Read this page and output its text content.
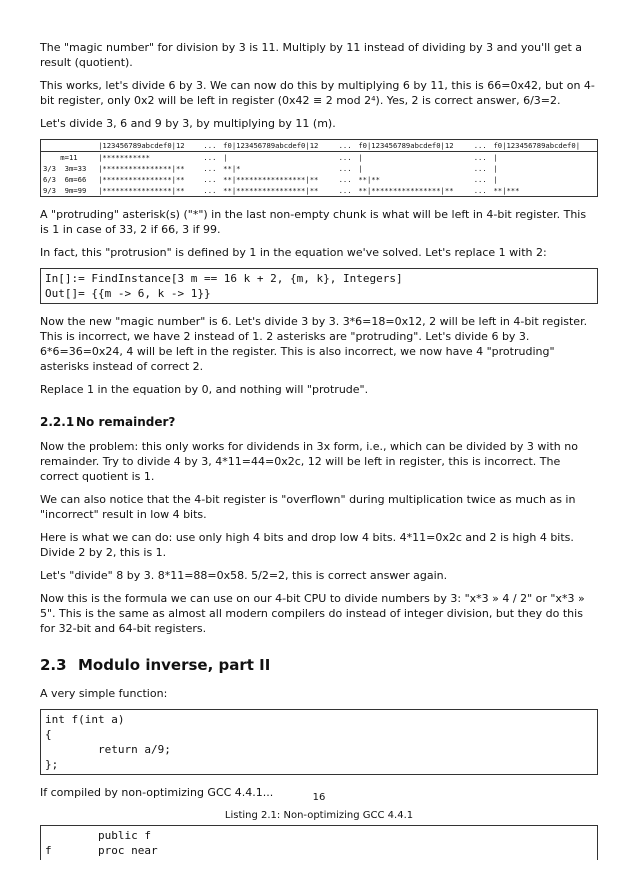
The "magic number" for division by 3 is 11. Multiply by 11 instead of dividing by 3 and you'll get a result (quotient).

This works, let's divide 6 by 3. We can now do this by multiplying 6 by 11, this is 66=0x42, but on 4-bit register, only 0x2 will be left in register (0x42 ≡ 2 mod 2⁴). Yes, 2 is correct answer, 6/3=2.

Let's divide 3, 6 and 9 by 3, by multiplying by 11 (m).

	|123456789abcdef0|12	...	f0|123456789abcdef0|12	...	f0|123456789abcdef0|12	...	f0|123456789abcdef0|
m=11	|***********	...	|	...	|	...	|
3/3  3m=33	|****************|**	...	**|*	...	|	...	|
6/3  6m=66	|****************|**	...	**|****************|**	...	**|**	...	|
9/3  9m=99	|****************|**	...	**|****************|**	...	**|****************|**	...	**|***

A "protruding" asterisk(s) ("*") in the last non-empty chunk is what will be left in 4-bit register. This is 1 in case of 33, 2 if 66, 3 if 99.

In fact, this "protrusion" is defined by 1 in the equation we've solved. Let's replace 1 with 2:

In[]:= FindInstance[3 m == 16 k + 2, {m, k}, Integers]
Out[]= {{m -> 6, k -> 1}}

Now the new "magic number" is 6. Let's divide 3 by 3. 3*6=18=0x12, 2 will be left in 4-bit register. This is incorrect, we have 2 instead of 1. 2 asterisks are "protruding". Let's divide 6 by 3. 6*6=36=0x24, 4 will be left in the register. This is also incorrect, we now have 4 "protruding" asterisks instead of correct 2.

Replace 1 in the equation by 0, and nothing will "protrude".

2.2.1 No remainder?

Now the problem: this only works for dividends in 3x form, i.e., which can be divided by 3 with no remainder. Try to divide 4 by 3, 4*11=44=0x2c, 12 will be left in register, this is incorrect. The correct quotient is 1.

We can also notice that the 4-bit register is "overflown" during multiplication twice as much as in "incorrect" result in low 4 bits.

Here is what we can do: use only high 4 bits and drop low 4 bits. 4*11=0x2c and 2 is high 4 bits. Divide 2 by 2, this is 1.

Let's "divide" 8 by 3. 8*11=88=0x58. 5/2=2, this is correct answer again.

Now this is the formula we can use on our 4-bit CPU to divide numbers by 3: "x*3 » 4 / 2" or "x*3 » 5". This is the same as almost all modern compilers do instead of integer division, but they do this for 32-bit and 64-bit registers.

2.3 Modulo inverse, part II

A very simple function:

int f(int a)
{
return a/9;
};

If compiled by non-optimizing GCC 4.4.1...

Listing 2.1: Non-optimizing GCC 4.4.1
public f
f       proc near
16
